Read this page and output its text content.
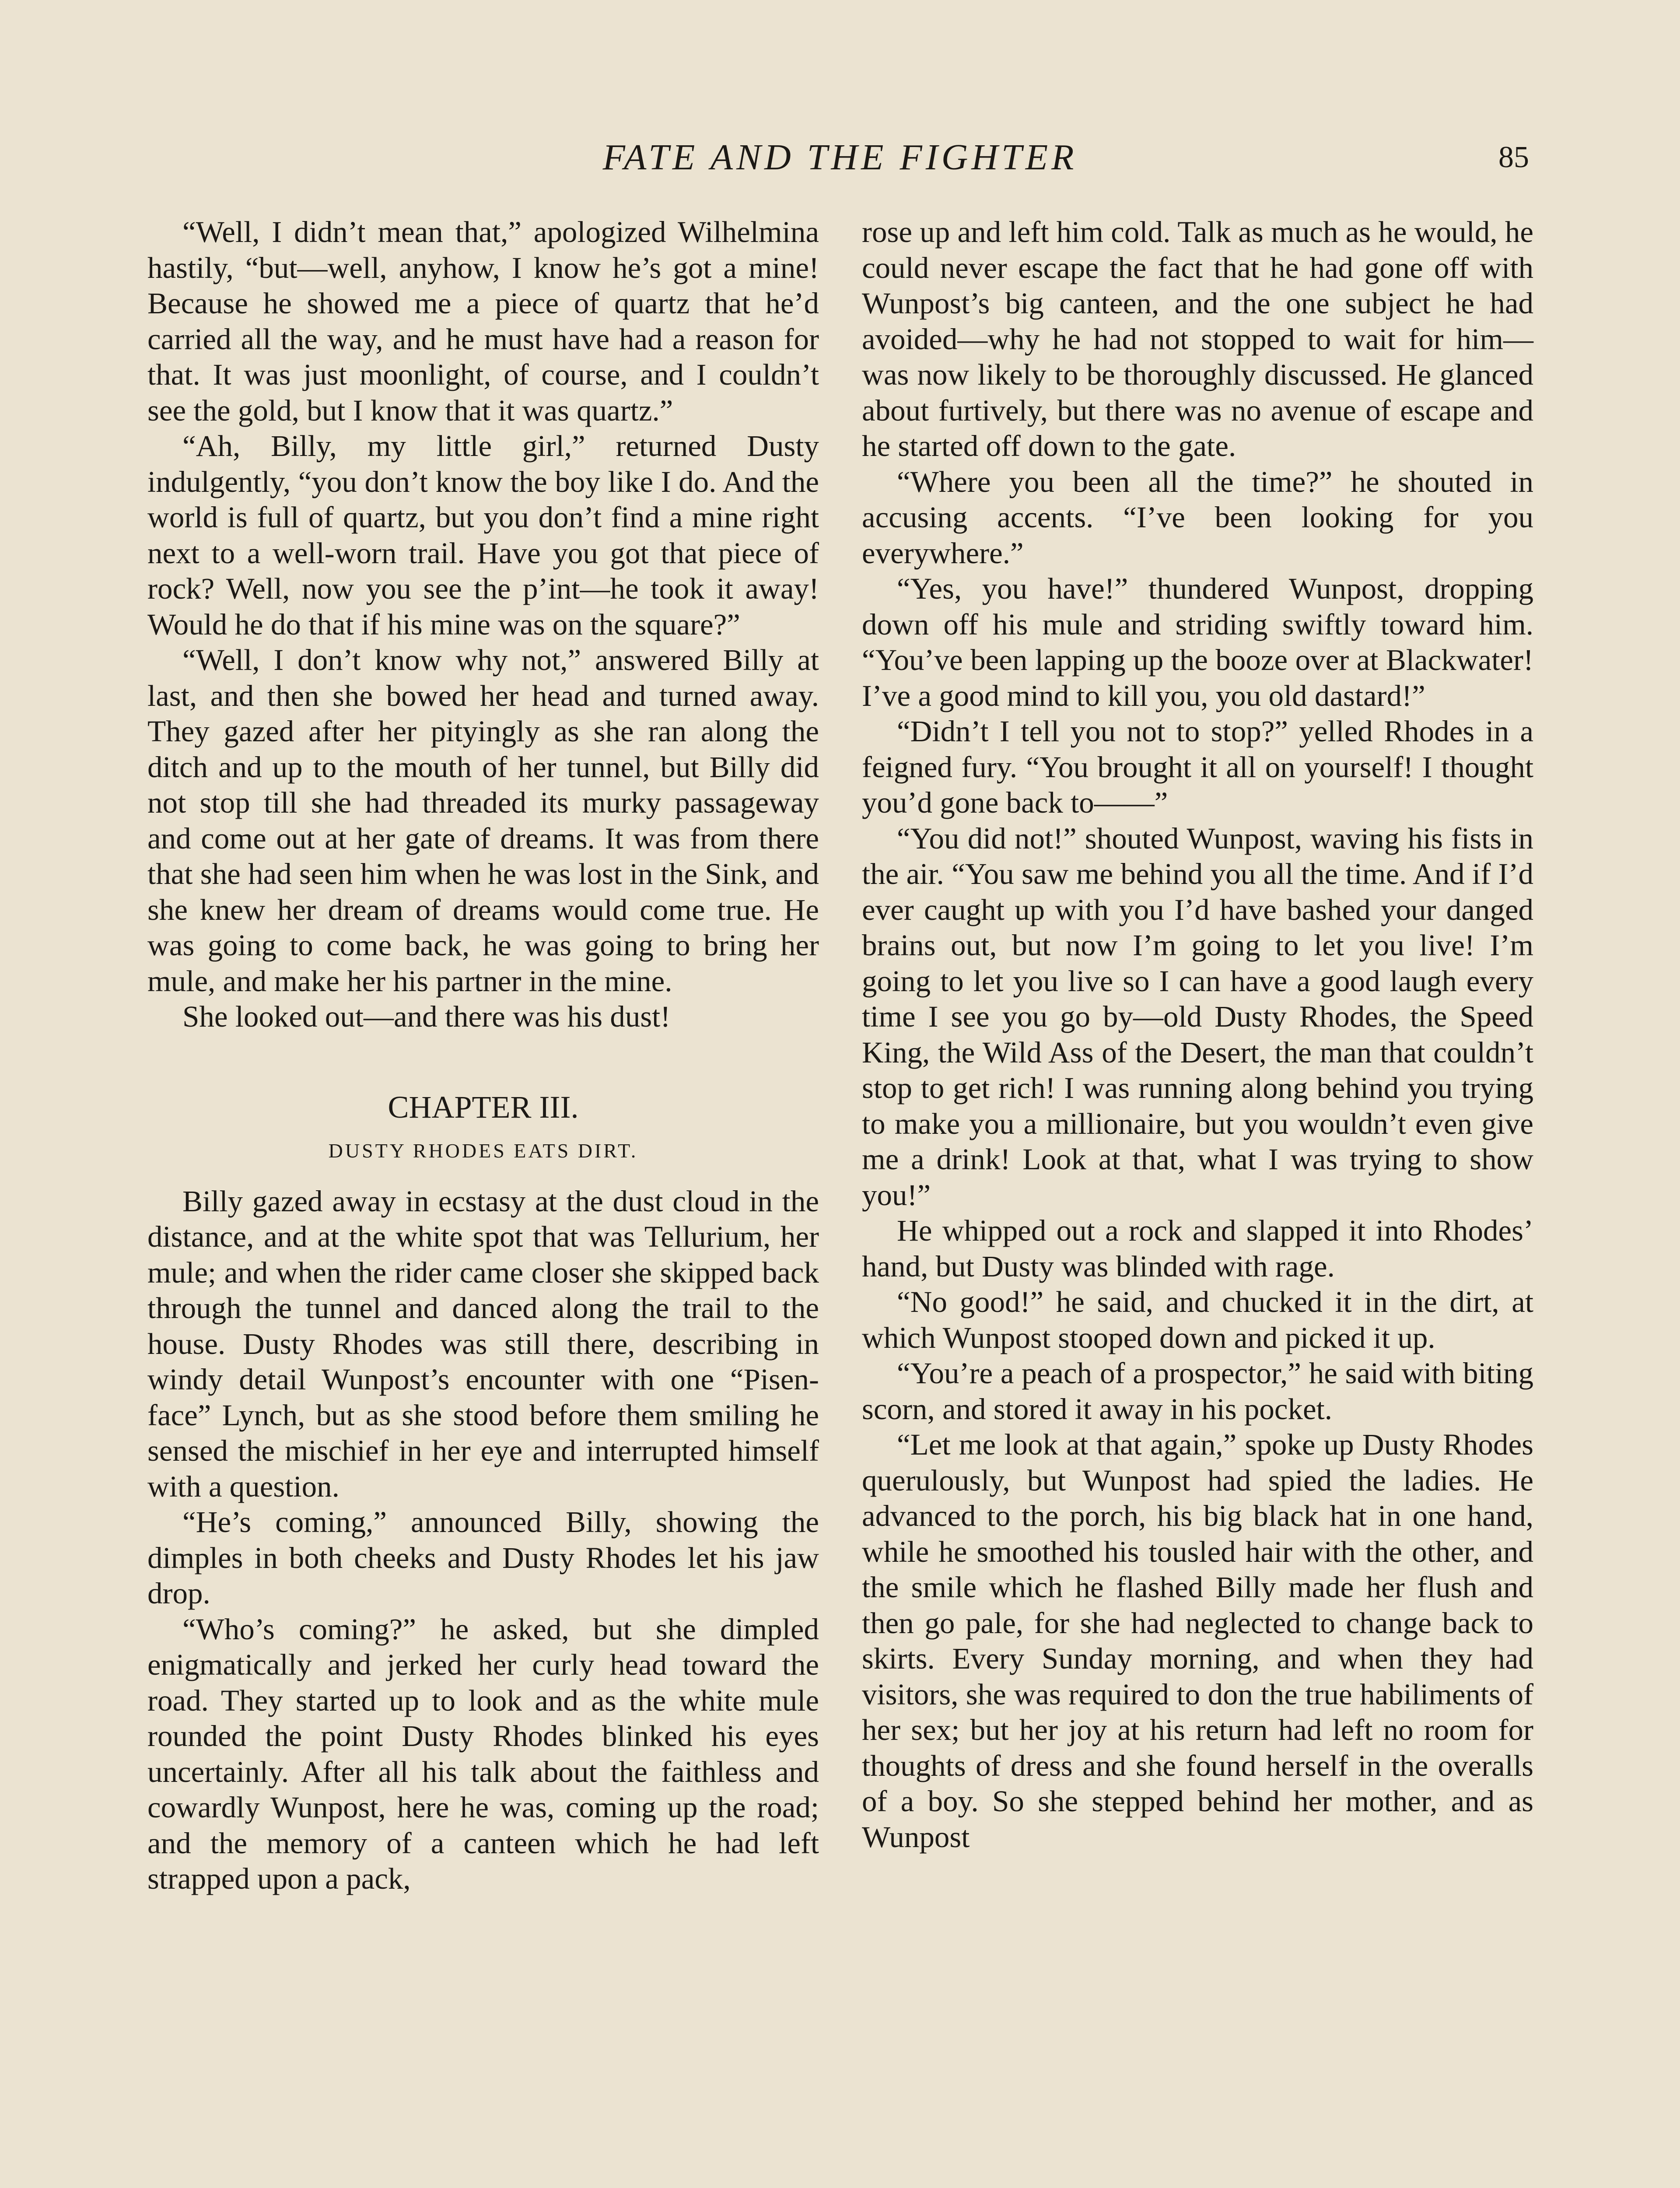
FATE AND THE FIGHTER	85

“Well, I didn’t mean that,” apologized Wilhelmina hastily, “but—well, anyhow, I know he’s got a mine! Because he showed me a piece of quartz that he’d carried all the way, and he must have had a reason for that. It was just moonlight, of course, and I couldn’t see the gold, but I know that it was quartz.”

“Ah, Billy, my little girl,” returned Dusty indulgently, “you don’t know the boy like I do. And the world is full of quartz, but you don’t find a mine right next to a well-worn trail. Have you got that piece of rock? Well, now you see the p’int—he took it away! Would he do that if his mine was on the square?”

“Well, I don’t know why not,” answered Billy at last, and then she bowed her head and turned away. They gazed after her pityingly as she ran along the ditch and up to the mouth of her tunnel, but Billy did not stop till she had threaded its murky passageway and come out at her gate of dreams. It was from there that she had seen him when he was lost in the Sink, and she knew her dream of dreams would come true. He was going to come back, he was going to bring her mule, and make her his partner in the mine.

She looked out—and there was his dust!

CHAPTER III.
DUSTY RHODES EATS DIRT.

Billy gazed away in ecstasy at the dust cloud in the distance, and at the white spot that was Tellurium, her mule; and when the rider came closer she skipped back through the tunnel and danced along the trail to the house. Dusty Rhodes was still there, describing in windy detail Wunpost’s encounter with one “Pisen-face” Lynch, but as she stood before them smiling he sensed the mischief in her eye and interrupted himself with a question.

“He’s coming,” announced Billy, showing the dimples in both cheeks and Dusty Rhodes let his jaw drop.

“Who’s coming?” he asked, but she dimpled enigmatically and jerked her curly head toward the road. They started up to look and as the white mule rounded the point Dusty Rhodes blinked his eyes uncertainly. After all his talk about the faithless and cowardly Wunpost, here he was, coming up the road; and the memory of a canteen which he had left strapped upon a pack,

rose up and left him cold. Talk as much as he would, he could never escape the fact that he had gone off with Wunpost’s big canteen, and the one subject he had avoided—why he had not stopped to wait for him—was now likely to be thoroughly discussed. He glanced about furtively, but there was no avenue of escape and he started off down to the gate.

“Where you been all the time?” he shouted in accusing accents. “I’ve been looking for you everywhere.”

“Yes, you have!” thundered Wunpost, dropping down off his mule and striding swiftly toward him. “You’ve been lapping up the booze over at Blackwater! I’ve a good mind to kill you, you old dastard!”

“Didn’t I tell you not to stop?” yelled Rhodes in a feigned fury. “You brought it all on yourself! I thought you’d gone back to——”

“You did not!” shouted Wunpost, waving his fists in the air. “You saw me behind you all the time. And if I’d ever caught up with you I’d have bashed your danged brains out, but now I’m going to let you live! I’m going to let you live so I can have a good laugh every time I see you go by—old Dusty Rhodes, the Speed King, the Wild Ass of the Desert, the man that couldn’t stop to get rich! I was running along behind you trying to make you a millionaire, but you wouldn’t even give me a drink! Look at that, what I was trying to show you!”

He whipped out a rock and slapped it into Rhodes’ hand, but Dusty was blinded with rage.

“No good!” he said, and chucked it in the dirt, at which Wunpost stooped down and picked it up.

“You’re a peach of a prospector,” he said with biting scorn, and stored it away in his pocket.

“Let me look at that again,” spoke up Dusty Rhodes querulously, but Wunpost had spied the ladies. He advanced to the porch, his big black hat in one hand, while he smoothed his tousled hair with the other, and the smile which he flashed Billy made her flush and then go pale, for she had neglected to change back to skirts. Every Sunday morning, and when they had visitors, she was required to don the true habiliments of her sex; but her joy at his return had left no room for thoughts of dress and she found herself in the overalls of a boy. So she stepped behind her mother, and as Wunpost
